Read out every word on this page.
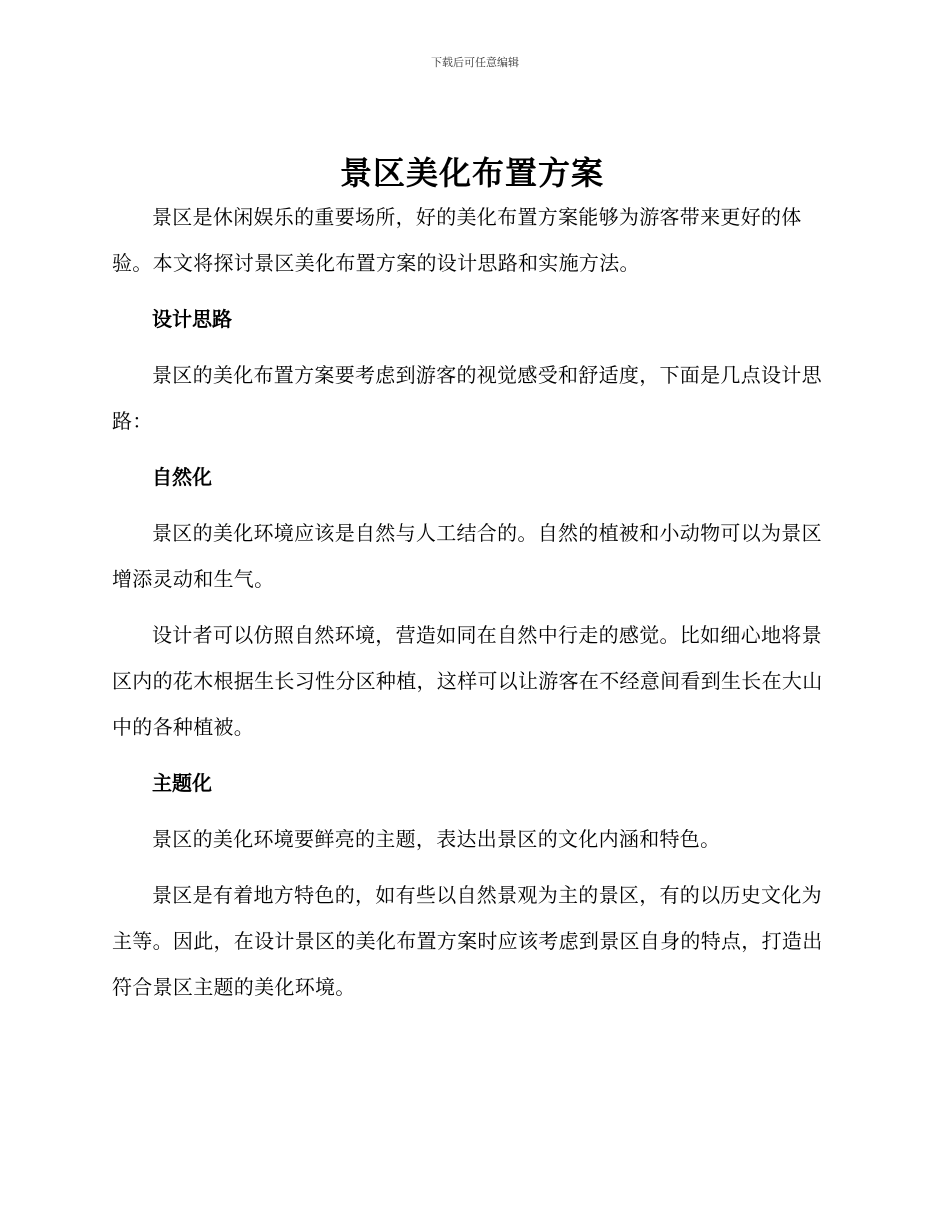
下载后可任意编辑
景区美化布置方案

景区是休闲娱乐的重要场所，好的美化布置方案能够为游客带来更好的体验。本文将探讨景区美化布置方案的设计思路和实施方法。

设计思路

景区的美化布置方案要考虑到游客的视觉感受和舒适度，下面是几点设计思路：

自然化

景区的美化环境应该是自然与人工结合的。自然的植被和小动物可以为景区增添灵动和生气。

设计者可以仿照自然环境，营造如同在自然中行走的感觉。比如细心地将景区内的花木根据生长习性分区种植，这样可以让游客在不经意间看到生长在大山中的各种植被。

主题化

景区的美化环境要鲜亮的主题，表达出景区的文化内涵和特色。

景区是有着地方特色的，如有些以自然景观为主的景区，有的以历史文化为主等。因此，在设计景区的美化布置方案时应该考虑到景区自身的特点，打造出符合景区主题的美化环境。
